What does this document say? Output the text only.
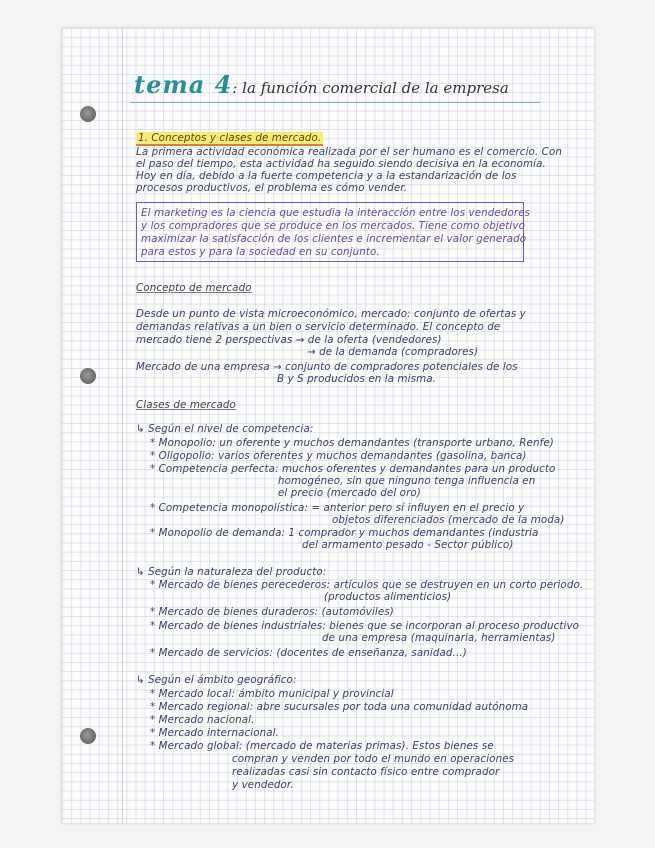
tema 4: la función comercial de la empresa
1. Conceptos y clases de mercado.
La primera actividad económica realizada por el ser humano es el comercio. Con
el paso del tiempo, esta actividad ha seguido siendo decisiva en la economía.
Hoy en día, debido a la fuerte competencia y a la estandarización de los
procesos productivos, el problema es cómo vender.
El marketing es la ciencia que estudia la interacción entre los vendedores
y los compradores que se produce en los mercados. Tiene como objetivo
maximizar la satisfacción de los clientes e incrementar el valor generado
para estos y para la sociedad en su conjunto.
Concepto de mercado
Desde un punto de vista microeconómico, mercado: conjunto de ofertas y
demandas relativas a un bien o servicio determinado. El concepto de
mercado tiene 2 perspectivas → de la oferta (vendedores)
→ de la demanda (compradores)
Mercado de una empresa → conjunto de compradores potenciales de los
B y S producidos en la misma.
Clases de mercado
↳ Según el nivel de competencia:
* Monopolio: un oferente y muchos demandantes (transporte urbano, Renfe)
* Oligopolio: varios oferentes y muchos demandantes (gasolina, banca)
* Competencia perfecta: muchos oferentes y demandantes para un producto
homogéneo, sin que ninguno tenga influencia en
el precio (mercado del oro)
* Competencia monopolística: = anterior pero sí influyen en el precio y
objetos diferenciados (mercado de la moda)
* Monopolio de demanda: 1 comprador y muchos demandantes (industria
del armamento pesado - Sector público)
↳ Según la naturaleza del producto:
* Mercado de bienes perecederos: artículos que se destruyen en un corto periodo.
(productos alimenticios)
* Mercado de bienes duraderos: (automóviles)
* Mercado de bienes industriales: bienes que se incorporan al proceso productivo
de una empresa (maquinaria, herramientas)
* Mercado de servicios: (docentes de enseñanza, sanidad...)
↳ Según el ámbito geográfico:
* Mercado local: ámbito municipal y provincial
* Mercado regional: abre sucursales por toda una comunidad autónoma
* Mercado nacional.
* Mercado internacional.
* Mercado global: (mercado de materias primas). Estos bienes se
compran y venden por todo el mundo en operaciones
realizadas casi sin contacto físico entre comprador
y vendedor.
